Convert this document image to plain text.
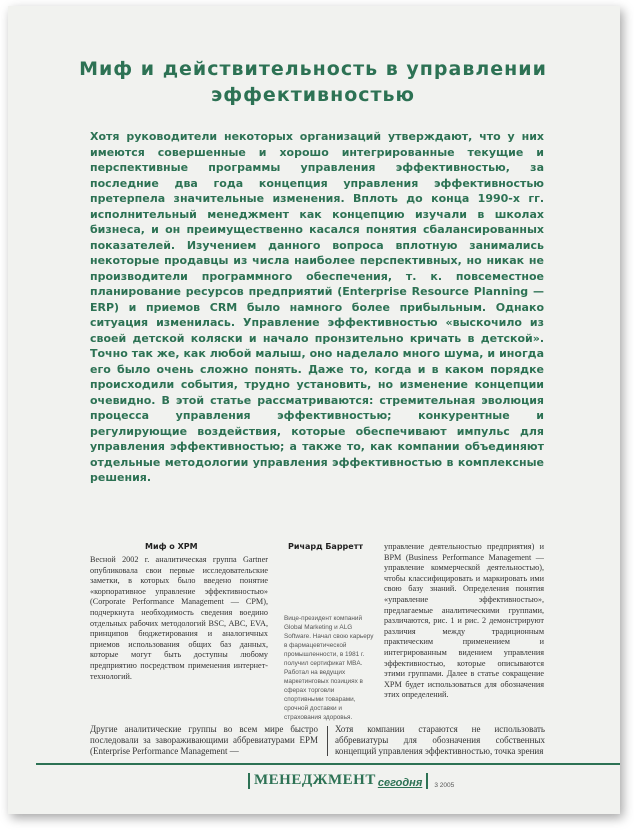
Миф и действительность в управлении эффективностью
Хотя руководители некоторых организаций утверждают, что у них имеются совершенные и хорошо интегрированные текущие и перспективные программы управления эффективностью, за последние два года концепция управления эффективностью претерпела значительные изменения. Вплоть до конца 1990-х гг. исполнительный менеджмент как концепцию изучали в школах бизнеса, и он преимущественно касался понятия сбалансированных показателей. Изучением данного вопроса вплотную занимались некоторые продавцы из числа наиболее перспективных, но никак не производители программного обеспечения, т. к. повсеместное планирование ресурсов предприятий (Enterprise Resource Planning — ERP) и приемов CRM было намного более прибыльным. Однако ситуация изменилась. Управление эффективностью «выскочило из своей детской коляски и начало пронзительно кричать в детской». Точно так же, как любой малыш, оно наделало много шума, и иногда его было очень сложно понять. Даже то, когда и в каком порядке происходили события, трудно установить, но изменение концепции очевидно. В этой статье рассматриваются: стремительная эволюция процесса управления эффективностью; конкурентные и регулирующие воздействия, которые обеспечивают импульс для управления эффективностью; а также то, как компании объединяют отдельные методологии управления эффективностью в комплексные решения.
Миф о XPM
Весной 2002 г. аналитическая группа Gartner опубликовала свои первые исследовательские заметки, в которых было введено понятие «корпоративное управление эффективностью» (Corporate Performance Management — CPM), подчеркнута необходимость сведения воедино отдельных рабочих методологий BSC, ABC, EVA, принципов бюджетирования и аналогичных приемов использования общих баз данных, которые могут быть доступны любому предприятию посредством применения интернет-технологий.
Ричард Барретт
Вице-президент компаний Global Marketing и ALG Software. Начал свою карьеру в фармацевтической промышленности, в 1981 г. получил сертификат MBA. Работал на ведущих маркетинговых позициях в сферах торговли спортивными товарами, срочной доставки и страхования здоровья.
управление деятельностью предприятия) и BPM (Business Performance Management — управление коммерческой деятельностью), чтобы классифицировать и маркировать ими свою базу знаний. Определения понятия «управление эффективностью», предлагаемые аналитическими группами, различаются, рис. 1 и рис. 2 демонстрируют различия между традиционным практическим применением и интегрированным видением управления эффективностью, которые описываются этими группами. Далее в статье сокращение XPM будет использоваться для обозначения этих определений.
Другие аналитические группы во всем мире быстро последовали за завораживающими аббревиатурами EPM (Enterprise Performance Management —
Хотя компании стараются не использовать аббревиатуры для обозначения собственных концепций управления эффективностью, точка зрения
МЕНЕДЖМЕНТ сегодня 3 2005
